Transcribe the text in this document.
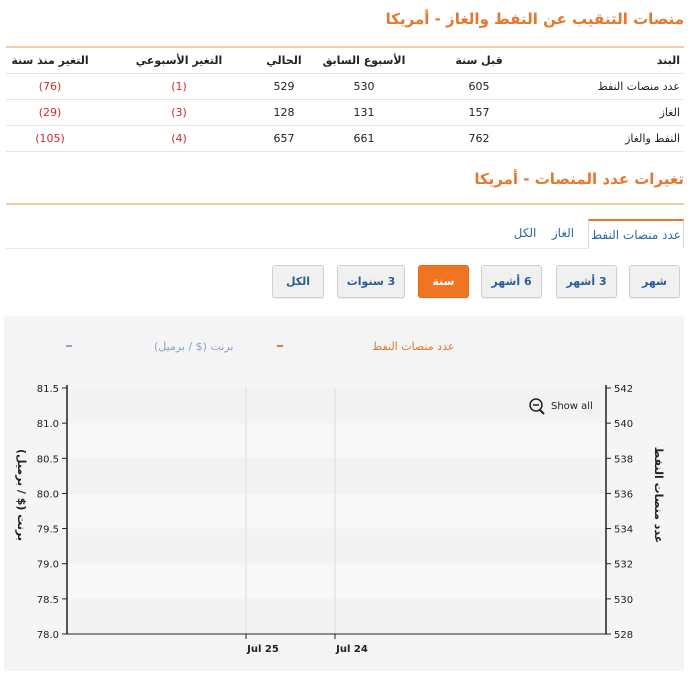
منصات التنقيب عن النفط والغاز - أمريكا
البند	قبل سنة	الأسبوع السابق	الحالي	التغير الأسبوعي	التغير منذ سنة
عدد منصات النفط	605	530	529	(1)	(76)
الغاز	157	131	128	(3)	(29)
النفط والغاز	762	661	657	(4)	(105)
تغيرات عدد المنصات - أمريكا
عدد منصات النفط
الغاز
الكل
شهر
3 أشهر
6 أشهر
سنة
3 سنوات
الكل
78.0
78.5
79.0
79.5
80.0
80.5
81.0
81.5
528
530
532
534
536
538
540
542
Jul 25	Jul 24
عدد منصات النفط
برنت ($ / برميل)
برنت ($ / برميل)	عدد منصات النفط
Show all
